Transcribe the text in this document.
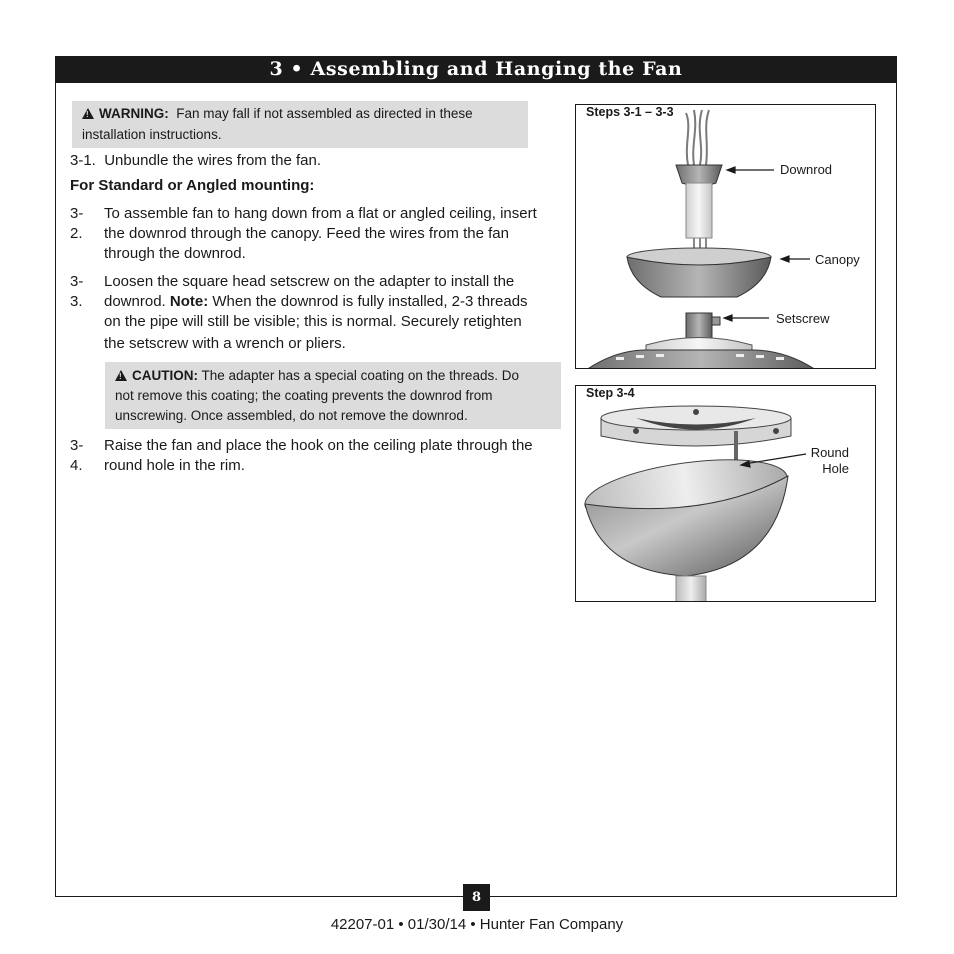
3 • Assembling and Hanging the Fan
!WARNING: Fan may fall if not assembled as directed in these
installation instructions.
3-1. Unbundle the wires from the fan.
For Standard or Angled mounting:
3-2.
To assemble fan to hang down from a flat or angled ceiling, insert
the downrod through the canopy. Feed the wires from the fan
through the downrod.
3-3.
Loosen the square head setscrew on the adapter to install the
downrod. Note: When the downrod is fully installed, 2-3 threads
on the pipe will still be visible; this is normal. Securely retighten
the setscrew with a wrench or pliers.
!CAUTION: The adapter has a special coating on the threads. Do
not remove this coating; the coating prevents the downrod from
unscrewing. Once assembled, do not remove the downrod.
3-4.
Raise the fan and place the hook on the ceiling plate through the
round hole in the rim.
Steps 3-1 – 3-3
Downrod
Canopy
Setscrew
Step 3-4
Round
Hole
8
42207-01 • 01/30/14 • Hunter Fan Company
